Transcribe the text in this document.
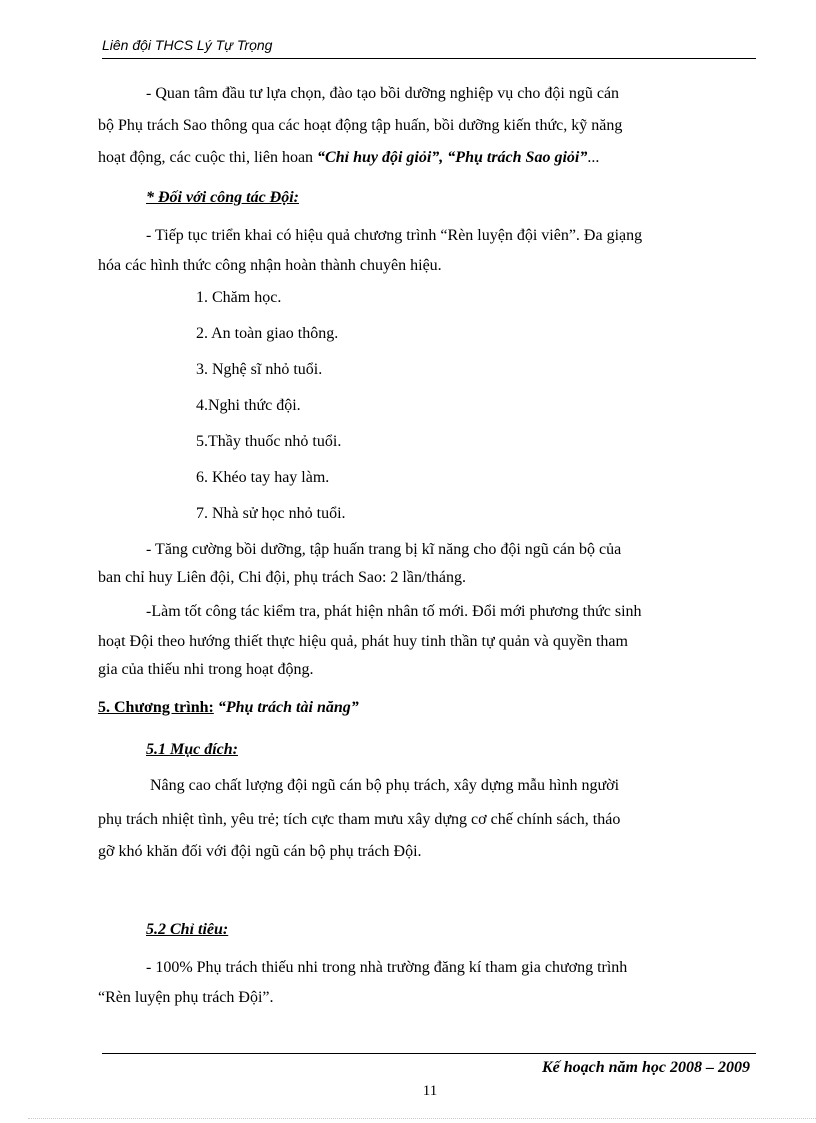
Liên đội THCS Lý Tự Trọng
- Quan tâm đầu tư lựa chọn, đào tạo bồi dưỡng nghiệp vụ cho đội ngũ cán
bộ Phụ trách Sao thông qua các hoạt động tập huấn, bồi dưỡng kiến thức, kỹ năng
hoạt động, các cuộc thi, liên hoan “Chỉ huy đội giỏi”, “Phụ trách Sao giỏi”...
* Đối với công tác Đội:
- Tiếp tục triển khai có hiệu quả chương trình “Rèn luyện đội viên”. Đa giạng
hóa các hình thức công nhận hoàn thành chuyên hiệu.
1. Chăm học.
2. An toàn giao thông.
3. Nghệ sĩ nhỏ tuổi.
4.Nghi thức đội.
5.Thầy thuốc nhỏ tuổi.
6. Khéo tay hay làm.
7. Nhà sử học nhỏ tuổi.
- Tăng cường bồi dưỡng, tập huấn trang bị kĩ năng cho đội ngũ cán bộ của
ban chỉ huy Liên đội, Chi đội, phụ trách Sao: 2 lần/tháng.
-Làm tốt công tác kiểm tra, phát hiện nhân tố mới. Đổi mới phương thức sinh
hoạt Đội theo hướng thiết thực hiệu quả, phát huy tinh thần tự quản và quyền tham
gia của thiếu nhi trong hoạt động.
5. Chương trình: “Phụ trách tài năng”
5.1 Mục đích:
Nâng cao chất lượng đội ngũ cán bộ phụ trách, xây dựng mẫu hình người
phụ trách nhiệt tình, yêu trẻ; tích cực tham mưu xây dựng cơ chế chính sách, tháo
gỡ khó khăn đối với đội ngũ cán bộ phụ trách Đội.
5.2 Chỉ tiêu:
- 100% Phụ trách thiếu nhi trong nhà trường đăng kí tham gia chương trình
“Rèn luyện phụ trách Đội”.
Kế hoạch năm học 2008 – 2009
11
